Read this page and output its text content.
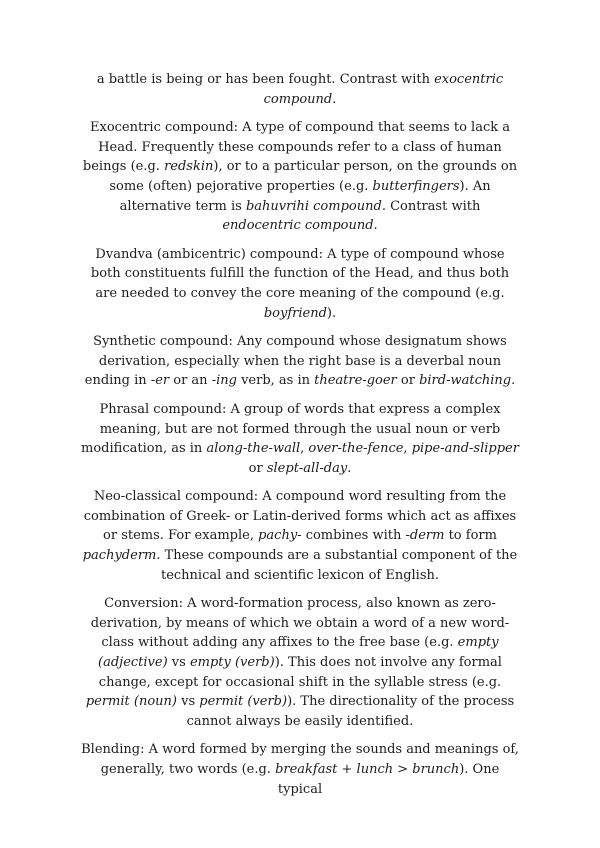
a battle is being or has been fought. Contrast with exocentric compound.

Exocentric compound: A type of compound that seems to lack a Head. Frequently these compounds refer to a class of human beings (e.g. redskin), or to a particular person, on the grounds on some (often) pejorative properties (e.g. butterfingers). An alternative term is bahuvrihi compound. Contrast with endocentric compound.

Dvandva (ambicentric) compound: A type of compound whose both constituents fulfill the function of the Head, and thus both are needed to convey the core meaning of the compound (e.g. boyfriend).

Synthetic compound: Any compound whose designatum shows derivation, especially when the right base is a deverbal noun ending in -er or an -ing verb, as in theatre-goer or bird-watching.

Phrasal compound: A group of words that express a complex meaning, but are not formed through the usual noun or verb modification, as in along-the-wall, over-the-fence, pipe-and-slipper or slept-all-day.

Neo-classical compound: A compound word resulting from the combination of Greek- or Latin-derived forms which act as affixes or stems. For example, pachy- combines with -derm to form pachyderm. These compounds are a substantial component of the technical and scientific lexicon of English.

Conversion: A word-formation process, also known as zero-derivation, by means of which we obtain a word of a new word-class without adding any affixes to the free base (e.g. empty (adjective) vs empty (verb)). This does not involve any formal change, except for occasional shift in the syllable stress (e.g. permit (noun) vs permit (verb)). The directionality of the process cannot always be easily identified.

Blending: A word formed by merging the sounds and meanings of, generally, two words (e.g. breakfast + lunch > brunch). One typical
